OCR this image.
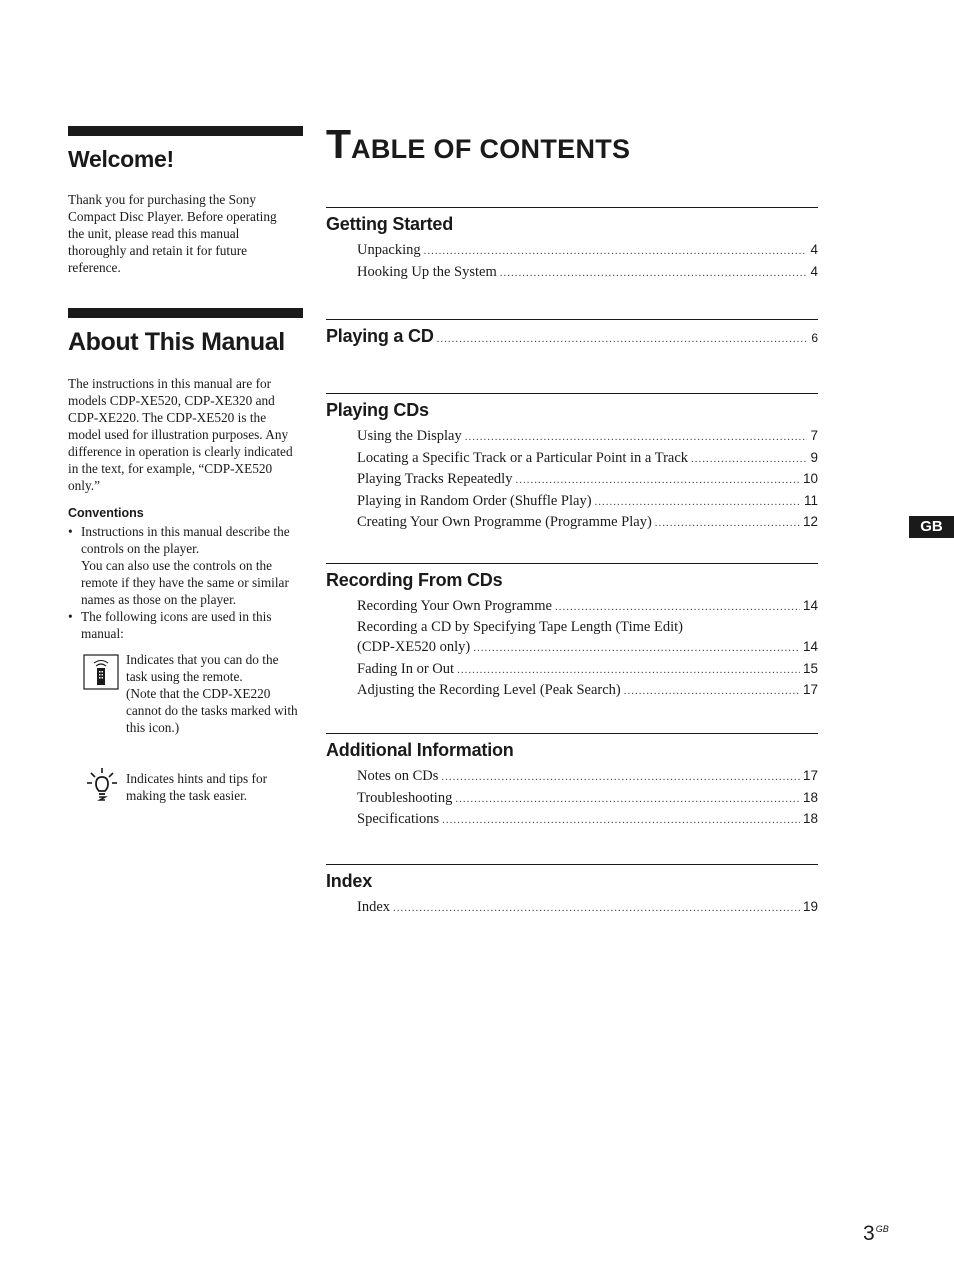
Welcome!
Thank you for purchasing the Sony Compact Disc Player. Before operating the unit, please read this manual thoroughly and retain it for future reference.
About This Manual
The instructions in this manual are for models CDP-XE520, CDP-XE320 and CDP-XE220. The CDP-XE520 is the model used for illustration purposes. Any difference in operation is clearly indicated in the text, for example, “CDP-XE520 only.”
Conventions
• Instructions in this manual describe the controls on the player.
You can also use the controls on the remote if they have the same or similar names as those on the player.
• The following icons are used in this manual:
Indicates that you can do the task using the remote.
(Note that the CDP-XE220 cannot do the tasks marked with this icon.)
Indicates hints and tips for making the task easier.
TABLE OF CONTENTS
Getting Started
Unpacking .....	4
Hooking Up the System .....	4
Playing a CD .....	6
Playing CDs
Using the Display .....	7
Locating a Specific Track or a Particular Point in a Track .....	9
Playing Tracks Repeatedly .....	10
Playing in Random Order (Shuffle Play) .....	11
Creating Your Own Programme (Programme Play) .....	12
Recording From CDs
Recording Your Own Programme .....	14
Recording a CD by Specifying Tape Length (Time Edit)
(CDP-XE520 only) .....	14
Fading In or Out .....	15
Adjusting the Recording Level (Peak Search) .....	17
Additional Information
Notes on CDs .....	17
Troubleshooting .....	18
Specifications .....	18
Index
Index .....	19
GB
$3^{GB}$
